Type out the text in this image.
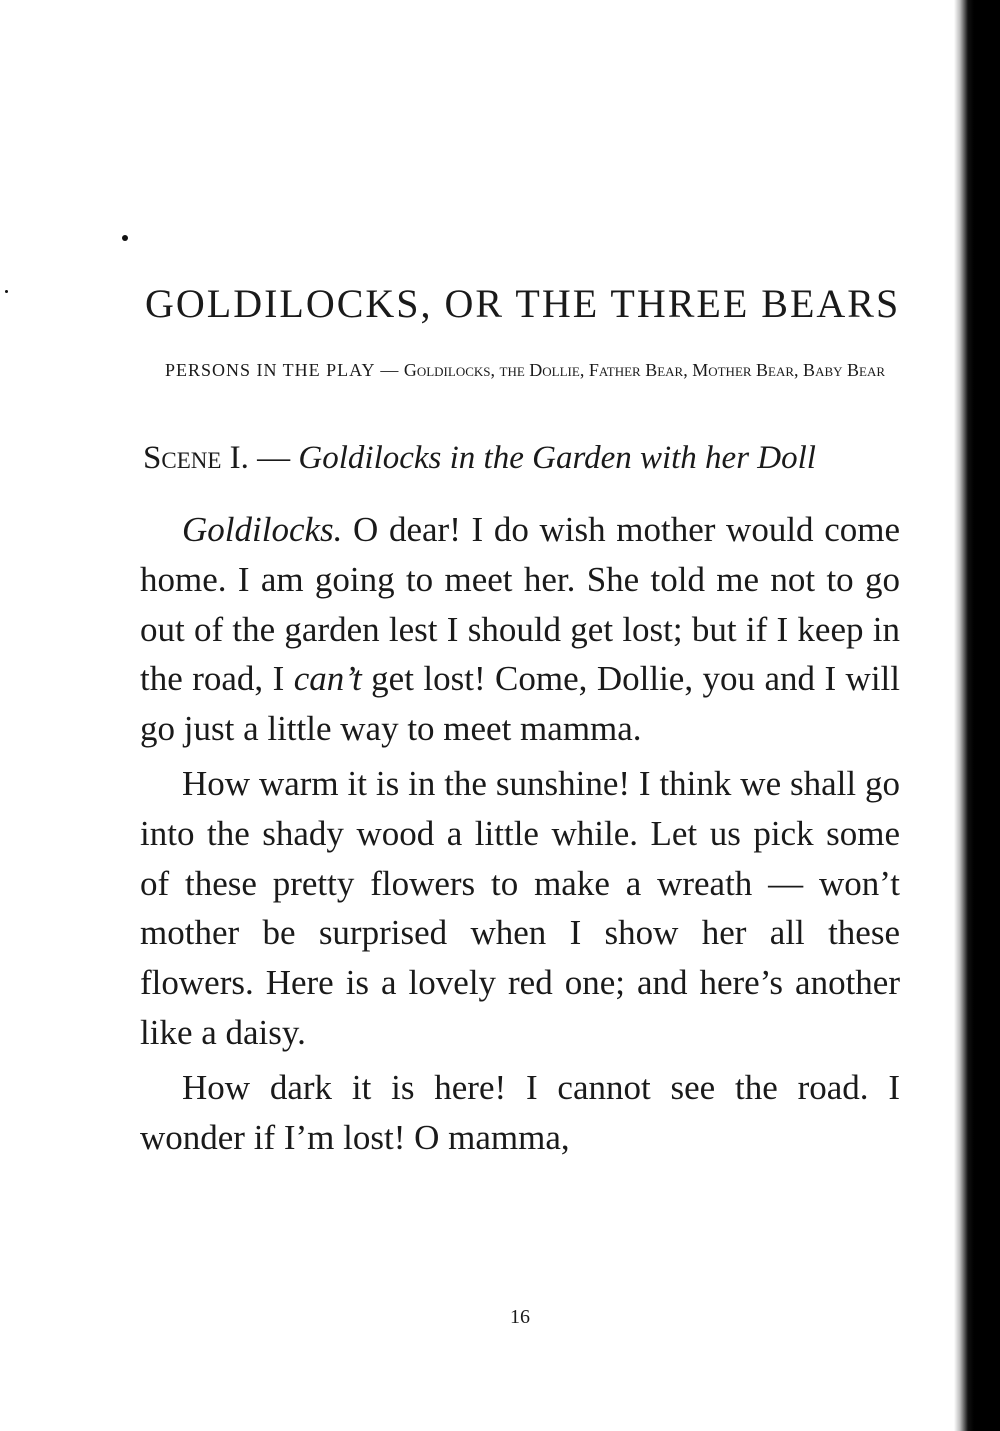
GOLDILOCKS, OR THE THREE BEARS
PERSONS IN THE PLAY — Goldilocks, the Dollie, Father Bear, Mother Bear, Baby Bear
Scene I. — Goldilocks in the Garden with her Doll

Goldilocks. O dear! I do wish mother would come home. I am going to meet her. She told me not to go out of the garden lest I should get lost; but if I keep in the road, I can’t get lost! Come, Dollie, you and I will go just a little way to meet mamma.

How warm it is in the sunshine! I think we shall go into the shady wood a little while. Let us pick some of these pretty flowers to make a wreath — won’t mother be surprised when I show her all these flowers. Here is a lovely red one; and here’s another like a daisy.

How dark it is here! I cannot see the road. I wonder if I’m lost! O mamma,

16
